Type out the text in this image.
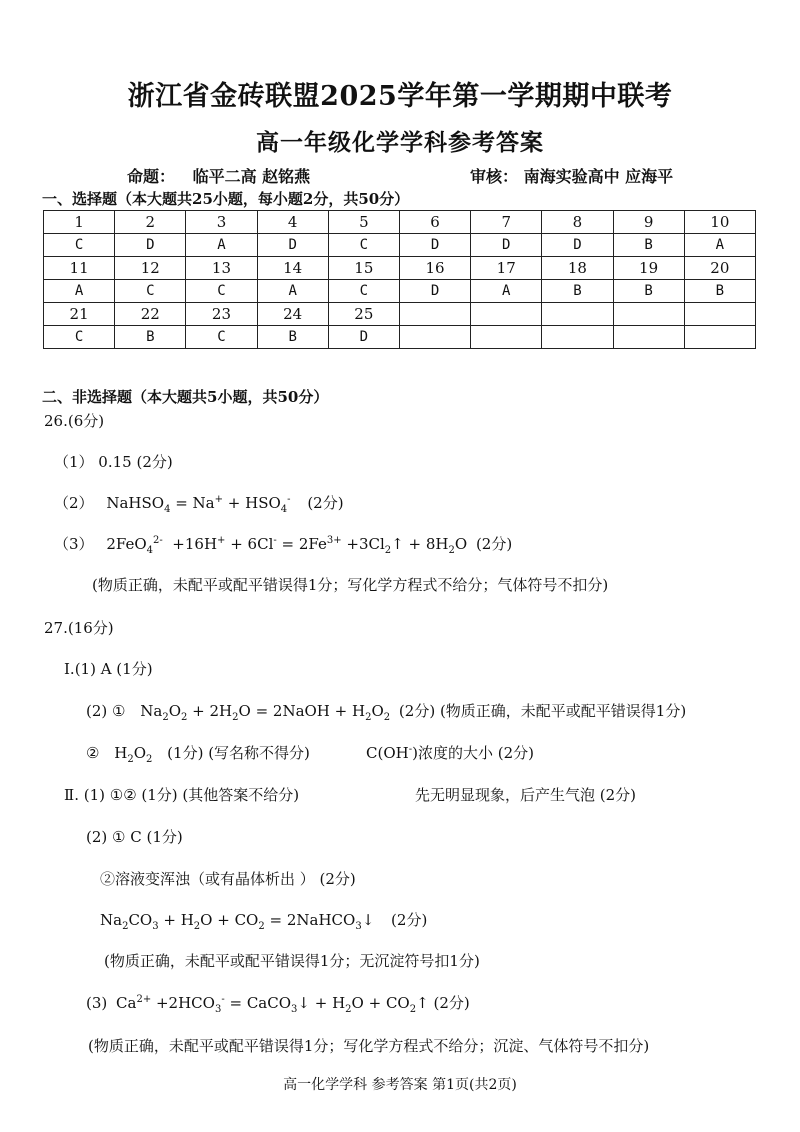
浙江省金砖联盟2025学年第一学期期中联考
高一年级化学学科参考答案
命题： 临平二高 赵铭燕	审核： 南海实验高中 应海平
一、选择题（本大题共25小题，每小题2分，共50分）
1	2	3	4	5	6	7	8	9	10
C	D	A	D	C	D	D	D	B	A
11	12	13	14	15	16	17	18	19	20
A	C	C	A	C	D	A	B	B	B
21	22	23	24	25					
C	B	C	B	D					
二、非选择题（本大题共5小题，共50分）
26.(6分)
（1） 0.15 (2分)
（2） NaHSO$_4$ = $Na^+ + HSO_4^-$ (2分)
（3） $2FeO_4^{2-} +16H^+ + 6Cl^- = 2Fe^{3+}$ $+3Cl_2↑ + 8H_2O$ (2分)
(物质正确，未配平或配平错误得1分；写化学方程式不给分；气体符号不扣分)
27.(16分)
Ⅰ.(1) A (1分)
(2) ① $Na_2O_2 + 2H_2O$ = 2NaOH + $H_2O_2$ (2分) (物质正确，未配平或配平错误得1分)
② $H_2O_2$ (1分) (写名称不得分)	C(OH-)浓度的大小 (2分)
Ⅱ. (1) ①② (1分) (其他答案不给分)	先无明显现象，后产生气泡 (2分)
(2) ① C (1分)
②溶液变浑浊（或有晶体析出 ） (2分)
$Na_2CO_3 + H_2O + CO_2$ = 2NaHCO$_3$↓ (2分)
(物质正确，未配平或配平错误得1分；无沉淀符号扣1分)
(3) $Ca^{2+} +2HCO_3^-$ = CaCO$_3$↓ + $H_2O$ + $CO_2↑$ (2分)
(物质正确，未配平或配平错误得1分；写化学方程式不给分；沉淀、气体符号不扣分)
高一化学学科 参考答案 第1页(共2页)
